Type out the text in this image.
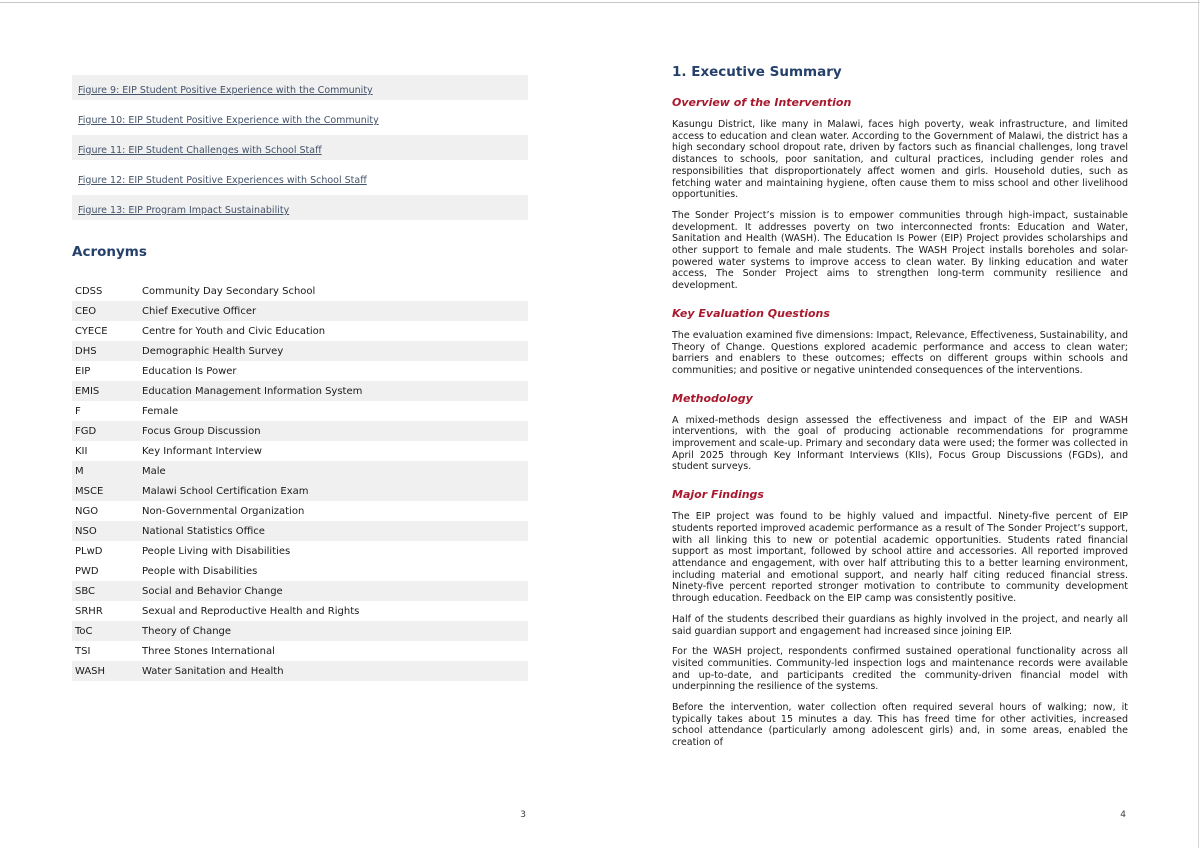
Figure 9: EIP Student Positive Experience with the Community
Figure 10: EIP Student Positive Experience with the Community
Figure 11: EIP Student Challenges with School Staff
Figure 12: EIP Student Positive Experiences with School Staff
Figure 13: EIP Program Impact Sustainability
Acronyms
CDSS	Community Day Secondary School
CEO	Chief Executive Officer
CYECE	Centre for Youth and Civic Education
DHS	Demographic Health Survey
EIP	Education Is Power
EMIS	Education Management Information System
F	Female
FGD	Focus Group Discussion
KII	Key Informant Interview
M	Male
MSCE	Malawi School Certification Exam
NGO	Non-Governmental Organization
NSO	National Statistics Office
PLwD	People Living with Disabilities
PWD	People with Disabilities
SBC	Social and Behavior Change
SRHR	Sexual and Reproductive Health and Rights
ToC	Theory of Change
TSI	Three Stones International
WASH	Water Sanitation and Health
3
1. Executive Summary
Overview of the Intervention

Kasungu District, like many in Malawi, faces high poverty, weak infrastructure, and limited access to education and clean water. According to the Government of Malawi, the district has a high secondary school dropout rate, driven by factors such as financial challenges, long travel distances to schools, poor sanitation, and cultural practices, including gender roles and responsibilities that disproportionately affect women and girls. Household duties, such as fetching water and maintaining hygiene, often cause them to miss school and other livelihood opportunities.

The Sonder Project’s mission is to empower communities through high-impact, sustainable development. It addresses poverty on two interconnected fronts: Education and Water, Sanitation and Health (WASH). The Education Is Power (EIP) Project provides scholarships and other support to female and male students. The WASH Project installs boreholes and solar-powered water systems to improve access to clean water. By linking education and water access, The Sonder Project aims to strengthen long-term community resilience and development.

Key Evaluation Questions

The evaluation examined five dimensions: Impact, Relevance, Effectiveness, Sustainability, and Theory of Change. Questions explored academic performance and access to clean water; barriers and enablers to these outcomes; effects on different groups within schools and communities; and positive or negative unintended consequences of the interventions.

Methodology

A mixed-methods design assessed the effectiveness and impact of the EIP and WASH interventions, with the goal of producing actionable recommendations for programme improvement and scale-up. Primary and secondary data were used; the former was collected in April 2025 through Key Informant Interviews (KIIs), Focus Group Discussions (FGDs), and student surveys.

Major Findings

The EIP project was found to be highly valued and impactful. Ninety-five percent of EIP students reported improved academic performance as a result of The Sonder Project’s support, with all linking this to new or potential academic opportunities. Students rated financial support as most important, followed by school attire and accessories. All reported improved attendance and engagement, with over half attributing this to a better learning environment, including material and emotional support, and nearly half citing reduced financial stress. Ninety-five percent reported stronger motivation to contribute to community development through education. Feedback on the EIP camp was consistently positive.

Half of the students described their guardians as highly involved in the project, and nearly all said guardian support and engagement had increased since joining EIP.

For the WASH project, respondents confirmed sustained operational functionality across all visited communities. Community-led inspection logs and maintenance records were available and up-to-date, and participants credited the community-driven financial model with underpinning the resilience of the systems.

Before the intervention, water collection often required several hours of walking; now, it typically takes about 15 minutes a day. This has freed time for other activities, increased school attendance (particularly among adolescent girls) and, in some areas, enabled the creation of

4
